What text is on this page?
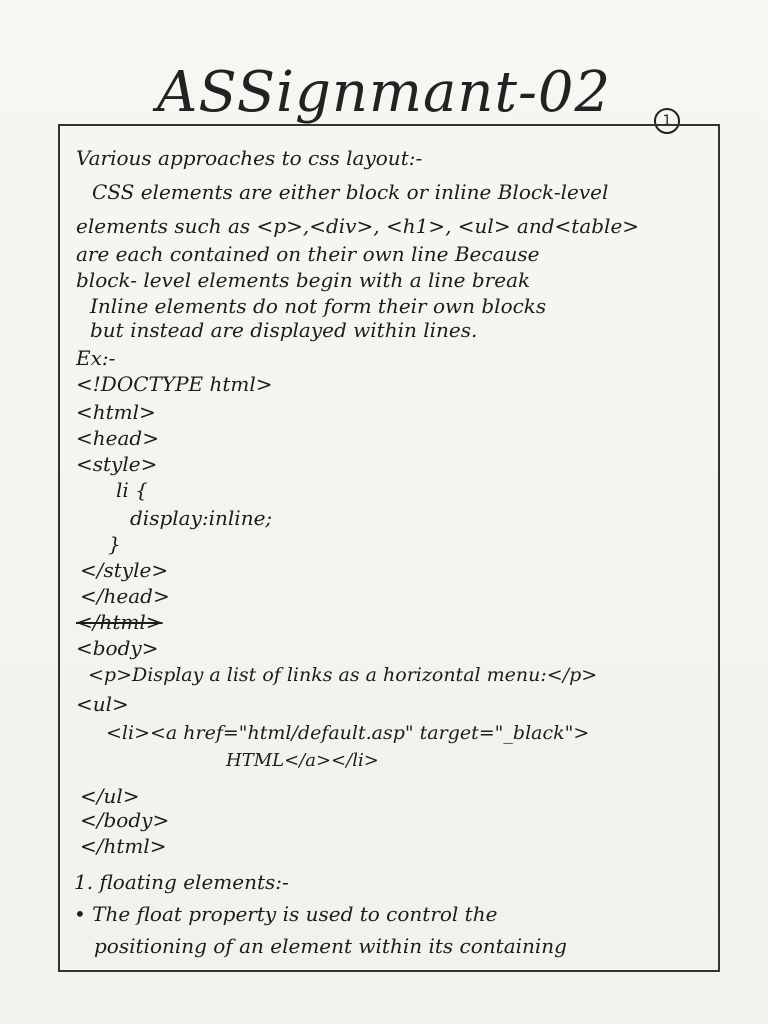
ASSignmant-02	1
Various approaches to css layout:-
CSS elements are either block or inline Block-level
elements such as <p>,<div>, <h1>, <ul> and<table>
are each contained on their own line Because
block- level elements begin with a line break
Inline elements do not form their own blocks
but instead are displayed within lines.
Ex:-
<!DOCTYPE html>
<html>
<head>
<style>
li {
display:inline;
}
</style>
</head>
</html>
<body>
<p>Display a list of links as a horizontal menu:</p>
<ul>
<li><a href="html/default.asp" target="_black">
HTML</a></li>
</ul>
</body>
</html>
1. floating elements:-
• The float property is used to control the
positioning of an element within its containing
